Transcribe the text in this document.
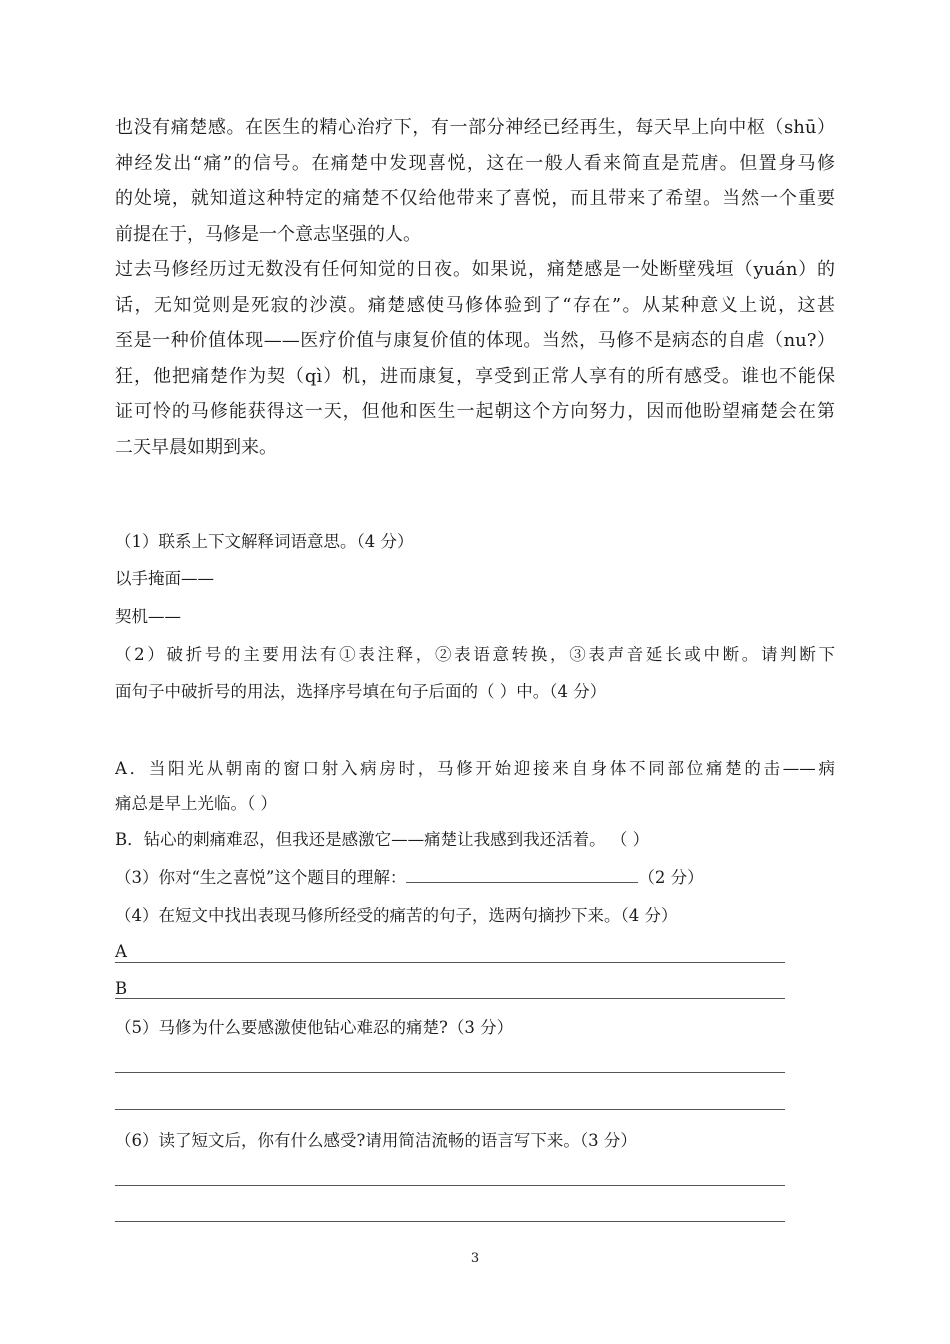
也没有痛楚感。在医生的精心治疗下，有一部分神经已经再生，每天早上向中枢（shū）
神经发出“痛”的信号。在痛楚中发现喜悦，这在一般人看来简直是荒唐。但置身马修
的处境，就知道这种特定的痛楚不仅给他带来了喜悦，而且带来了希望。当然一个重要
前提在于，马修是一个意志坚强的人。
过去马修经历过无数没有任何知觉的日夜。如果说，痛楚感是一处断壁残垣（yuán）的
话，无知觉则是死寂的沙漠。痛楚感使马修体验到了“存在”。从某种意义上说，这甚
至是一种价值体现——医疗价值与康复价值的体现。当然，马修不是病态的自虐（nu?）
狂，他把痛楚作为契（qì）机，进而康复，享受到正常人享有的所有感受。谁也不能保
证可怜的马修能获得这一天，但他和医生一起朝这个方向努力，因而他盼望痛楚会在第
二天早晨如期到来。
（1）联系上下文解释词语意思。（4 分）
以手掩面——
契机——
（2）破折号的主要用法有①表注释，②表语意转换，③表声音延长或中断。请判断下
面句子中破折号的用法，选择序号填在句子后面的（ ）中。（4 分）
A．当阳光从朝南的窗口射入病房时，马修开始迎接来自身体不同部位痛楚的击——病
痛总是早上光临。（ ）
B．钻心的刺痛难忍，但我还是感激它——痛楚让我感到我还活着。 （ ）
（3）你对“生之喜悦”这个题目的理解：	（2 分）
（4）在短文中找出表现马修所经受的痛苦的句子，选两句摘抄下来。（4 分）
A
B
（5）马修为什么要感激使他钻心难忍的痛楚?（3 分）
（6）读了短文后，你有什么感受?请用简洁流畅的语言写下来。（3 分）
3
